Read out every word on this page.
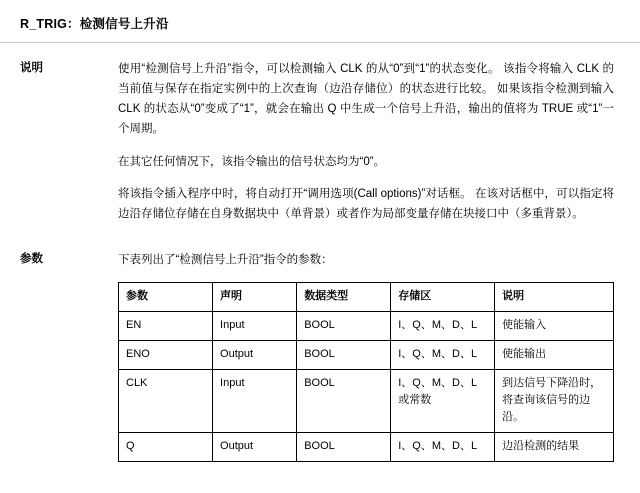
R_TRIG：检测信号上升沿
说明	使用“检测信号上升沿”指令，可以检测输入 CLK 的从“0”到“1”的状态变化。 该指令将输入 CLK 的当前值与保存在指定实例中的上次查询（边沿存储位）的状态进行比较。 如果该指令检测到输入 CLK 的状态从“0”变成了“1”，就会在输出 Q 中生成一个信号上升沿，输出的值将为 TRUE 或“1”一个周期。

在其它任何情况下，该指令输出的信号状态均为“0”。

将该指令插入程序中时，将自动打开“调用选项(Call options)”对话框。 在该对话框中，可以指定将边沿存储位存储在自身数据块中（单背景）或者作为局部变量存储在块接口中（多重背景）。

参数	下表列出了“检测信号上升沿”指令的参数：

参数	声明	数据类型	存储区	说明
EN	Input	BOOL	I、Q、M、D、L	使能输入
ENO	Output	BOOL	I、Q、M、D、L	使能输出
CLK	Input	BOOL	I、Q、M、D、L 或常数	到达信号下降沿时，将查询该信号的边沿。
Q	Output	BOOL	I、Q、M、D、L	边沿检测的结果
